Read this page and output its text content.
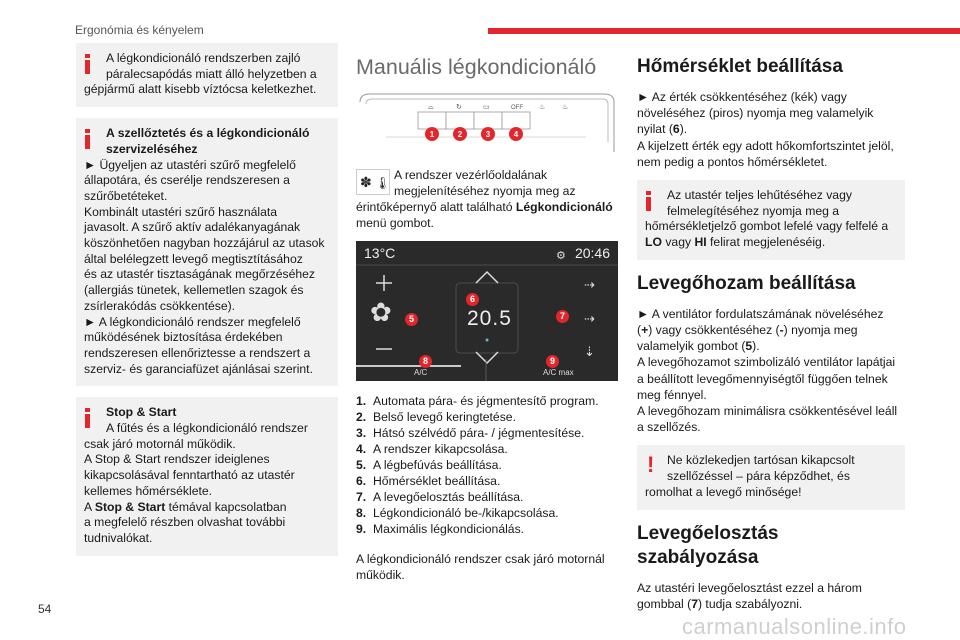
Ergonómia és kényelem

A légkondicionáló rendszerben zajló

páralecsapódás miatt álló helyzetben a

gépjármű alatt kisebb víztócsa keletkezhet.

A szellőztetés és a légkondicionáló

szervizeléséhez

► Ügyeljen az utastéri szűrő megfelelő

állapotára, és cserélje rendszeresen a

szűrőbetéteket.

Kombinált utastéri szűrő használata

javasolt. A szűrő aktív adalékanyagának

köszönhetően nagyban hozzájárul az utasok

által belélegzett levegő megtisztításához

és az utastér tisztaságának megőrzéséhez

(allergiás tünetek, kellemetlen szagok és

zsírlerakódás csökkentése).

► A légkondicionáló rendszer megfelelő

működésének biztosítása érdekében

rendszeresen ellenőriztesse a rendszert a

szerviz- és garanciafüzet ajánlásai szerint.

Stop & Start

A fűtés és a légkondicionáló rendszer

csak járó motornál működik.

A Stop & Start rendszer ideiglenes

kikapcsolásával fenntartható az utastér

kellemes hőmérséklete.

A Stop & Start témával kapcsolatban

a megfelelő részben olvashat további

tudnivalókat.

Manuális légkondicionáló
⌓	↻	▭	OFF ♨ ♨
1	2	3	4
✽ 🌡

A rendszer vezérlőoldalának

megjelenítéséhez nyomja meg az

érintőképernyő alatt található Légkondicionáló

menü gombot.

13°C	20:46
⚙
✿
⇢
⇢
⇣
20.5
A/C	A/C max
5
6
7
8	9
1. Automata pára- és jégmentesítő program.
2. Belső levegő keringtetése.
3. Hátsó szélvédő pára- / jégmentesítése.
4. A rendszer kikapcsolása.
5. A légbefúvás beállítása.
6. Hőmérséklet beállítása.
7. A levegőelosztás beállítása.
8. Légkondicionáló be-/kikapcsolása.
9. Maximális légkondicionálás.

A légkondicionáló rendszer csak járó motornál

működik.

Hőmérséklet beállítása

► Az érték csökkentéséhez (kék) vagy

növeléséhez (piros) nyomja meg valamelyik

nyilat (6).

A kijelzett érték egy adott hőkomfortszintet jelöl,

nem pedig a pontos hőmérsékletet.

Az utastér teljes lehűtéséhez vagy

felmelegítéséhez nyomja meg a

hőmérsékletjelző gombot lefelé vagy felfelé a

LO vagy HI felirat megjelenéséig.

Levegőhozam beállítása

► A ventilátor fordulatszámának növeléséhez

(+) vagy csökkentéséhez (-) nyomja meg

valamelyik gombot (5).

A levegőhozamot szimbolizáló ventilátor lapátjai

a beállított levegőmennyiségtől függően telnek

meg fénnyel.

A levegőhozam minimálisra csökkentésével leáll

a szellőzés.

!	Ne közlekedjen tartósan kikapcsolt

szellőzéssel – pára képződhet, és

romolhat a levegő minősége!

Levegőelosztás
szabályozása

Az utastéri levegőelosztást ezzel a három

gombbal (7) tudja szabályozni.

54
carmanualsonline.info
